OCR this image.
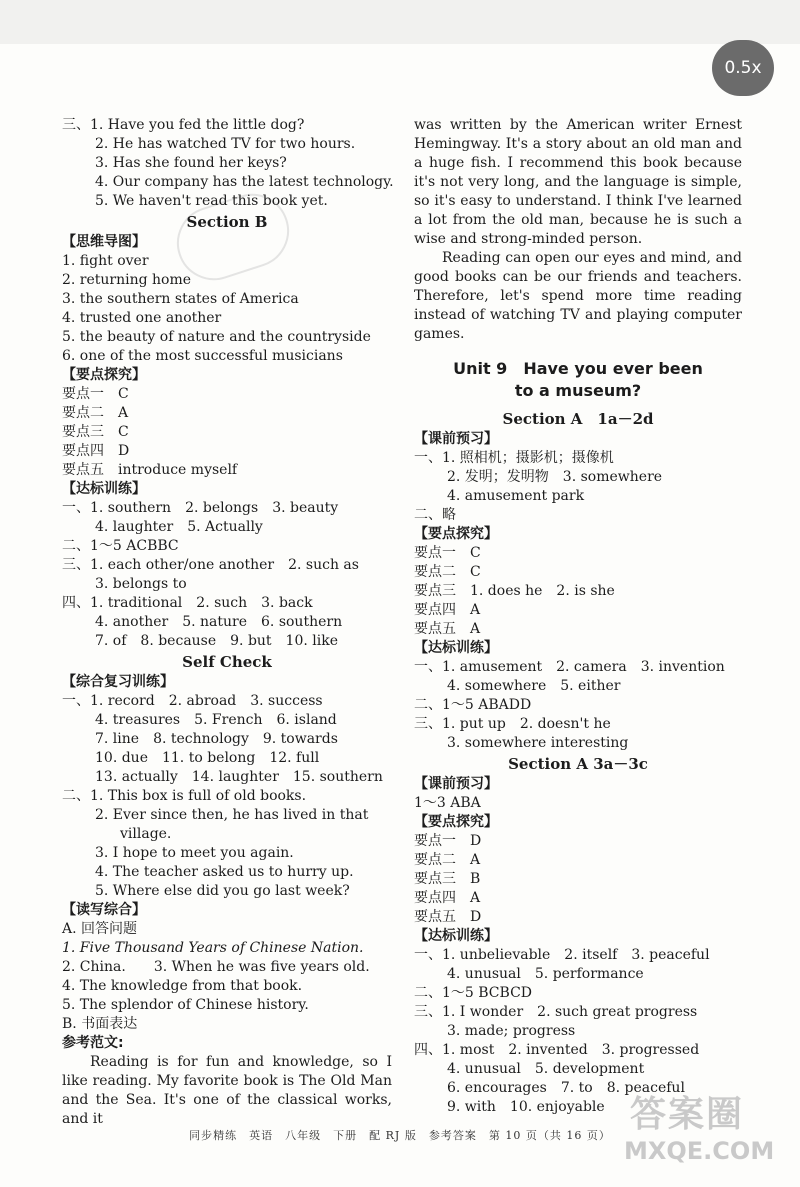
0.5x
三、1. Have you fed the little dog?
2. He has watched TV for two hours.
3. Has she found her keys?
4. Our company has the latest technology.
5. We haven't read this book yet.
Section B
【思维导图】
1. fight over
2. returning home
3. the southern states of America
4. trusted one another
5. the beauty of nature and the countryside
6. one of the most successful musicians
【要点探究】
要点一　C
要点二　A
要点三　C
要点四　D
要点五　introduce myself
【达标训练】
一、1. southern　2. belongs　3. beauty
4. laughter　5. Actually
二、1～5 ACBBC
三、1. each other/one another　2. such as
3. belongs to
四、1. traditional　2. such　3. back
4. another　5. nature　6. southern
7. of　8. because　9. but　10. like
Self Check
【综合复习训练】
一、1. record　2. abroad　3. success
4. treasures　5. French　6. island
7. line　8. technology　9. towards
10. due　11. to belong　12. full
13. actually　14. laughter　15. southern
二、1. This box is full of old books.
2. Ever since then, he has lived in that
village.
3. I hope to meet you again.
4. The teacher asked us to hurry up.
5. Where else did you go last week?
【读写综合】
A. 回答问题
1. Five Thousand Years of Chinese Nation.
2. China.　　3. When he was five years old.
4. The knowledge from that book.
5. The splendor of Chinese history.
B. 书面表达
参考范文:
Reading is for fun and knowledge, so I like reading. My favorite book is The Old Man and the Sea. It's one of the classical works, and it
was written by the American writer Ernest Hemingway. It's a story about an old man and a huge fish. I recommend this book because it's not very long, and the language is simple, so it's easy to understand. I think I've learned a lot from the old man, because he is such a wise and strong-minded person.
Reading can open our eyes and mind, and good books can be our friends and teachers. Therefore, let's spend more time reading instead of watching TV and playing computer games.
Unit 9　Have you ever been
to a museum?
Section A　1a－2d
【课前预习】
一、1. 照相机；摄影机；摄像机
2. 发明；发明物　3. somewhere
4. amusement park
二、略
【要点探究】
要点一　C
要点二　C
要点三　1. does he　2. is she
要点四　A
要点五　A
【达标训练】
一、1. amusement　2. camera　3. invention
4. somewhere　5. either
二、1～5 ABADD
三、1. put up　2. doesn't he
3. somewhere interesting
Section A 3a－3c
【课前预习】
1～3 ABA
【要点探究】
要点一　D
要点二　A
要点三　B
要点四　A
要点五　D
【达标训练】
一、1. unbelievable　2. itself　3. peaceful
4. unusual　5. performance
二、1～5 BCBCD
三、1. I wonder　2. such great progress
3. made; progress
四、1. most　2. invented　3. progressed
4. unusual　5. development
6. encourages　7. to　8. peaceful
9. with　10. enjoyable
同步精练　英语　八年级　下册　配 RJ 版　参考答案　第 10 页（共 16 页）
答案圈
MXQE.COM
